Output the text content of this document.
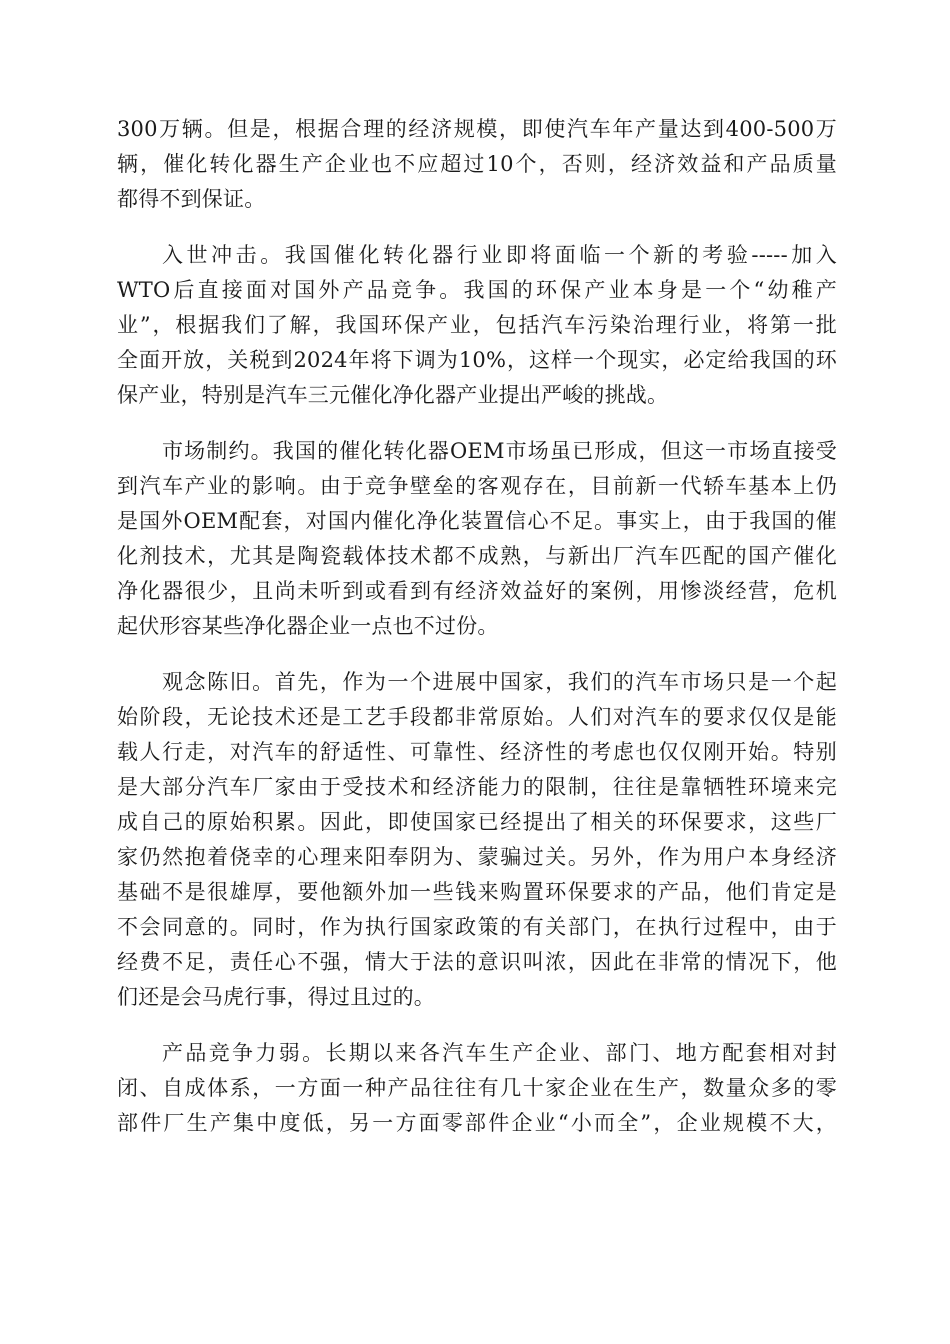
300万辆。但是，根据合理的经济规模，即使汽车年产量达到400-500万
辆，催化转化器生产企业也不应超过10个，否则，经济效益和产品质量
都得不到保证。
入世冲击。我国催化转化器行业即将面临一个新的考验-----加入
WTO后直接面对国外产品竞争。我国的环保产业本身是一个“幼稚产
业”，根据我们了解，我国环保产业，包括汽车污染治理行业，将第一批
全面开放，关税到2024年将下调为10%，这样一个现实，必定给我国的环
保产业，特别是汽车三元催化净化器产业提出严峻的挑战。
市场制约。我国的催化转化器OEM市场虽已形成，但这一市场直接受
到汽车产业的影响。由于竞争壁垒的客观存在，目前新一代轿车基本上仍
是国外OEM配套，对国内催化净化装置信心不足。事实上，由于我国的催
化剂技术，尤其是陶瓷载体技术都不成熟，与新出厂汽车匹配的国产催化
净化器很少，且尚未听到或看到有经济效益好的案例，用惨淡经营，危机
起伏形容某些净化器企业一点也不过份。
观念陈旧。首先，作为一个进展中国家，我们的汽车市场只是一个起
始阶段，无论技术还是工艺手段都非常原始。人们对汽车的要求仅仅是能
载人行走，对汽车的舒适性、可靠性、经济性的考虑也仅仅刚开始。特别
是大部分汽车厂家由于受技术和经济能力的限制，往往是靠牺牲环境来完
成自己的原始积累。因此，即使国家已经提出了相关的环保要求，这些厂
家仍然抱着侥幸的心理来阳奉阴为、蒙骗过关。另外，作为用户本身经济
基础不是很雄厚，要他额外加一些钱来购置环保要求的产品，他们肯定是
不会同意的。同时，作为执行国家政策的有关部门，在执行过程中，由于
经费不足，责任心不强，情大于法的意识叫浓，因此在非常的情况下，他
们还是会马虎行事，得过且过的。
产品竞争力弱。长期以来各汽车生产企业、部门、地方配套相对封
闭、自成体系，一方面一种产品往往有几十家企业在生产，数量众多的零
部件厂生产集中度低，另一方面零部件企业“小而全”，企业规模不大，
